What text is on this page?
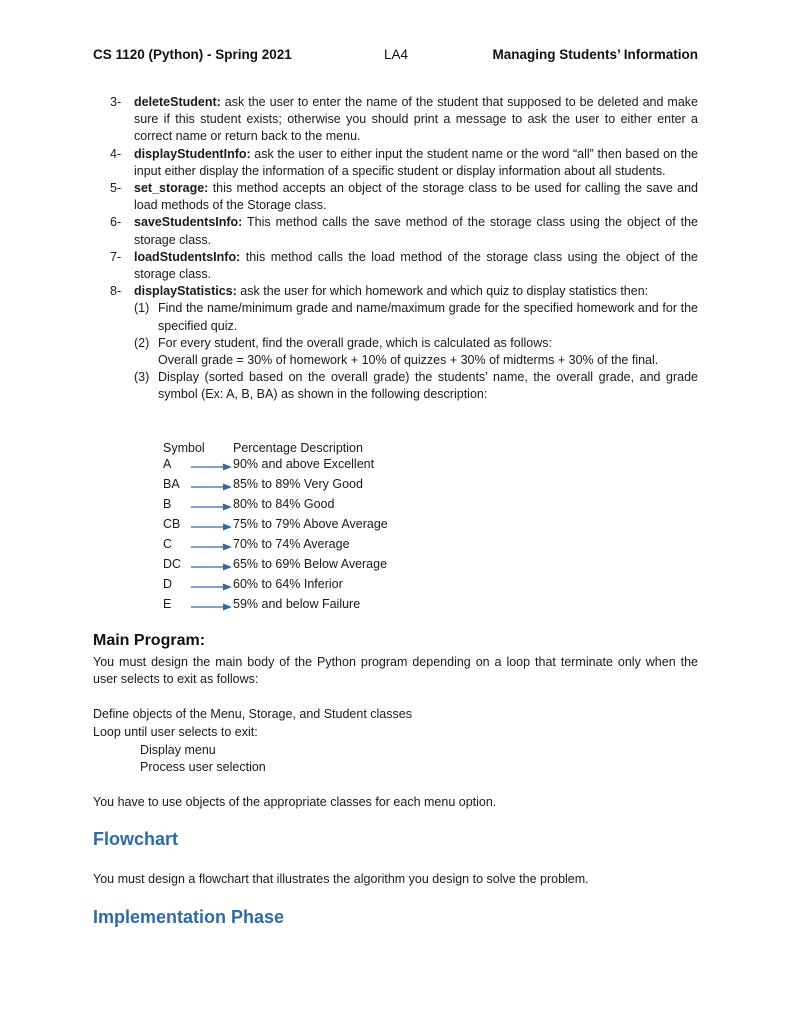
CS 1120 (Python) - Spring 2021	LA4	Managing Students’ Information
3- deleteStudent: ask the user to enter the name of the student that supposed to be deleted and make sure if this student exists; otherwise you should print a message to ask the user to either enter a correct name or return back to the menu.
4- displayStudentInfo: ask the user to either input the student name or the word “all” then based on the input either display the information of a specific student or display information about all students.
5- set_storage: this method accepts an object of the storage class to be used for calling the save and load methods of the Storage class.
6- saveStudentsInfo: This method calls the save method of the storage class using the object of the storage class.
7- loadStudentsInfo: this method calls the load method of the storage class using the object of the storage class.
8- displayStatistics: ask the user for which homework and which quiz to display statistics then:
(1) Find the name/minimum grade and name/maximum grade for the specified homework and for the specified quiz.
(2) For every student, find the overall grade, which is calculated as follows:
Overall grade = 30% of homework + 10% of quizzes + 30% of midterms + 30% of the final.
(3) Display (sorted based on the overall grade) the students’ name, the overall grade, and grade symbol (Ex: A, B, BA) as shown in the following description:
Symbol Percentage Description
A	90% and above Excellent
BA	85% to 89% Very Good
B	80% to 84% Good
CB	75% to 79% Above Average
C	70% to 74% Average
DC	65% to 69% Below Average
D	60% to 64% Inferior
E	59% and below Failure
Main Program:
You must design the main body of the Python program depending on a loop that terminate only when the user selects to exit as follows:
Define objects of the Menu, Storage, and Student classes
Loop until user selects to exit:
Display menu
Process user selection
You have to use objects of the appropriate classes for each menu option.
Flowchart
You must design a flowchart that illustrates the algorithm you design to solve the problem.
Implementation Phase
